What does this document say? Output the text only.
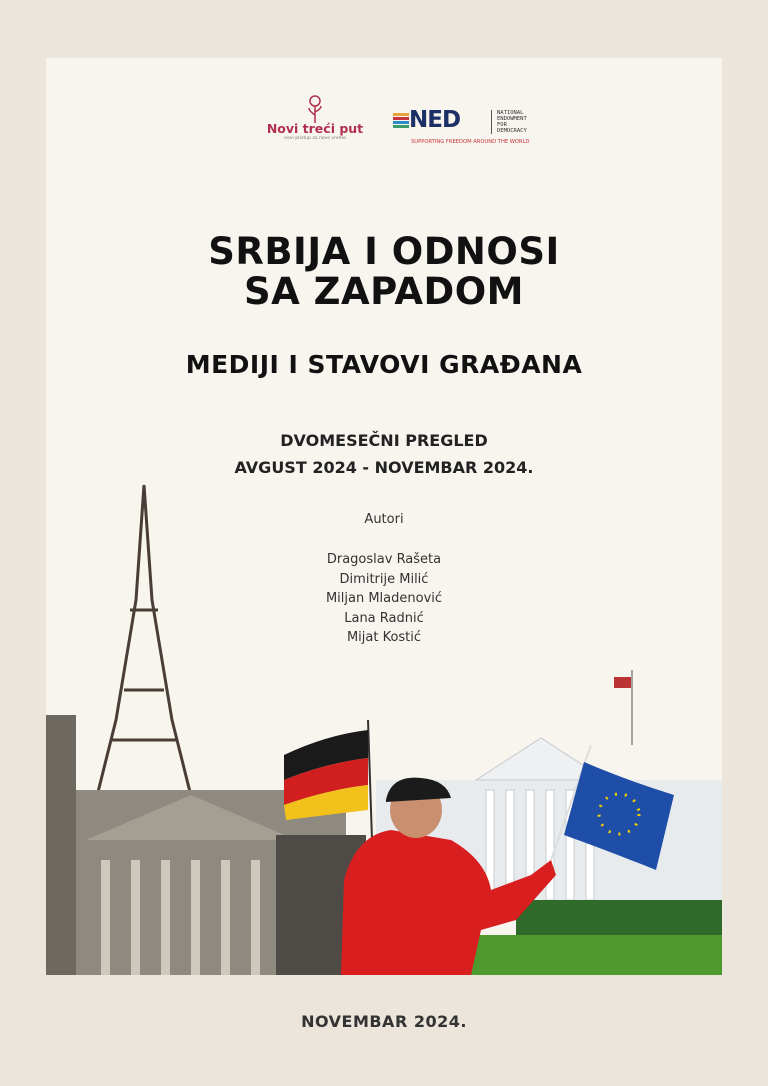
Novi treći put
novi pristup za novo vreme
NED	NATIONAL
ENDOWMENT
FOR
DEMOCRACY
SUPPORTING FREEDOM AROUND THE WORLD
SRBIJA I ODNOSI
SA ZAPADOM
MEDIJI I STAVOVI GRAĐANA
DVOMESEČNI PREGLED
AVGUST 2024 - NOVEMBAR 2024.
Autori
Dragoslav Rašeta
Dimitrije Milić
Miljan Mladenović
Lana Radnić
Mijat Kostić
NOVEMBAR 2024.
